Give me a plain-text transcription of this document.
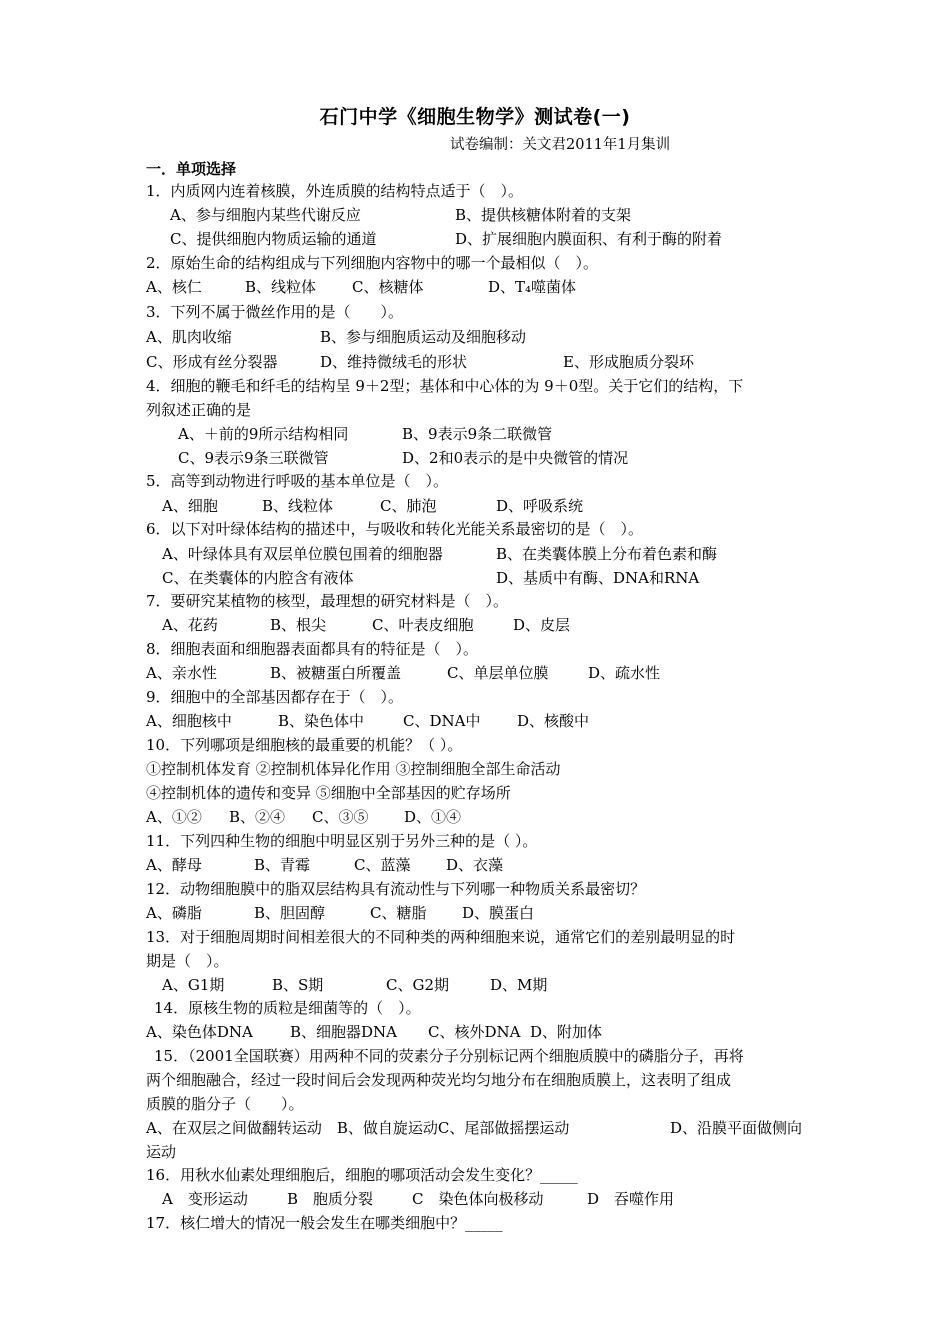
石门中学《细胞生物学》测试卷(一)
试卷编制：关文君2011年1月集训
一．单项选择
1．内质网内连着核膜，外连质膜的结构特点适于（　）。
A、参与细胞内某些代谢反应	B、提供核糖体附着的支架
C、提供细胞内物质运输的通道	D、扩展细胞内膜面积、有利于酶的附着
2．原始生命的结构组成与下列细胞内容物中的哪一个最相似（　）。
A、核仁	B、线粒体 C、核糖体	D、T₄噬菌体
3．下列不属于微丝作用的是（　　）。
A、肌肉收缩	B、参与细胞质运动及细胞移动
C、形成有丝分裂器	D、维持微绒毛的形状	E、形成胞质分裂环
4．细胞的鞭毛和纤毛的结构呈 9＋2型；基体和中心体的为 9＋0型。关于它们的结构，下
列叙述正确的是
A、＋前的9所示结构相同	B、9表示9条二联微管
C、9表示9条三联微管	D、2和0表示的是中央微管的情况
5．高等到动物进行呼吸的基本单位是（　）。
A、细胞	B、线粒体	C、肺泡	D、呼吸系统
6．以下对叶绿体结构的描述中，与吸收和转化光能关系最密切的是（　）。
A、叶绿体具有双层单位膜包围着的细胞器	B、在类囊体膜上分布着色素和酶
C、在类囊体的内腔含有液体	D、基质中有酶、DNA和RNA
7．要研究某植物的核型，最理想的研究材料是（　）。
A、花药	B、根尖	C、叶表皮细胞	D、皮层
8．细胞表面和细胞器表面都具有的特征是（　）。
A、亲水性	B、被糖蛋白所覆盖	C、单层单位膜	D、疏水性
9．细胞中的全部基因都存在于（　）。
A、细胞核中	B、染色体中	C、DNA中 D、核酸中
10．下列哪项是细胞核的最重要的机能？（ ）。
①控制机体发育 ②控制机体异化作用 ③控制细胞全部生命活动
④控制机体的遗传和变异 ⑤细胞中全部基因的贮存场所
A、①② B、②④ C、③⑤ D、①④
11．下列四种生物的细胞中明显区别于另外三种的是（ ）。
A、酵母	B、青霉	C、蓝藻 D、衣藻
12．动物细胞膜中的脂双层结构具有流动性与下列哪一种物质关系最密切？
A、磷脂	B、胆固醇	C、糖脂 D、膜蛋白
13．对于细胞周期时间相差很大的不同种类的两种细胞来说，通常它们的差别最明显的时
期是（　）。
A、G1期	B、S期	C、G2期	D、M期
14．原核生物的质粒是细菌等的（　）。
A、染色体DNA B、细胞器DNA C、核外DNA D、附加体
15．（2001全国联赛）用两种不同的荧素分子分别标记两个细胞质膜中的磷脂分子，再将
两个细胞融合，经过一段时间后会发现两种荧光均匀地分布在细胞质膜上，这表明了组成
质膜的脂分子（　　）。
A、在双层之间做翻转运动　B、做自旋运动C、尾部做摇摆运动	D、沿膜平面做侧向
运动
16．用秋水仙素处理细胞后，细胞的哪项活动会发生变化？_____
A　变形运动	B　胞质分裂	C　染色体向极移动	D　吞噬作用
17．核仁增大的情况一般会发生在哪类细胞中？_____
